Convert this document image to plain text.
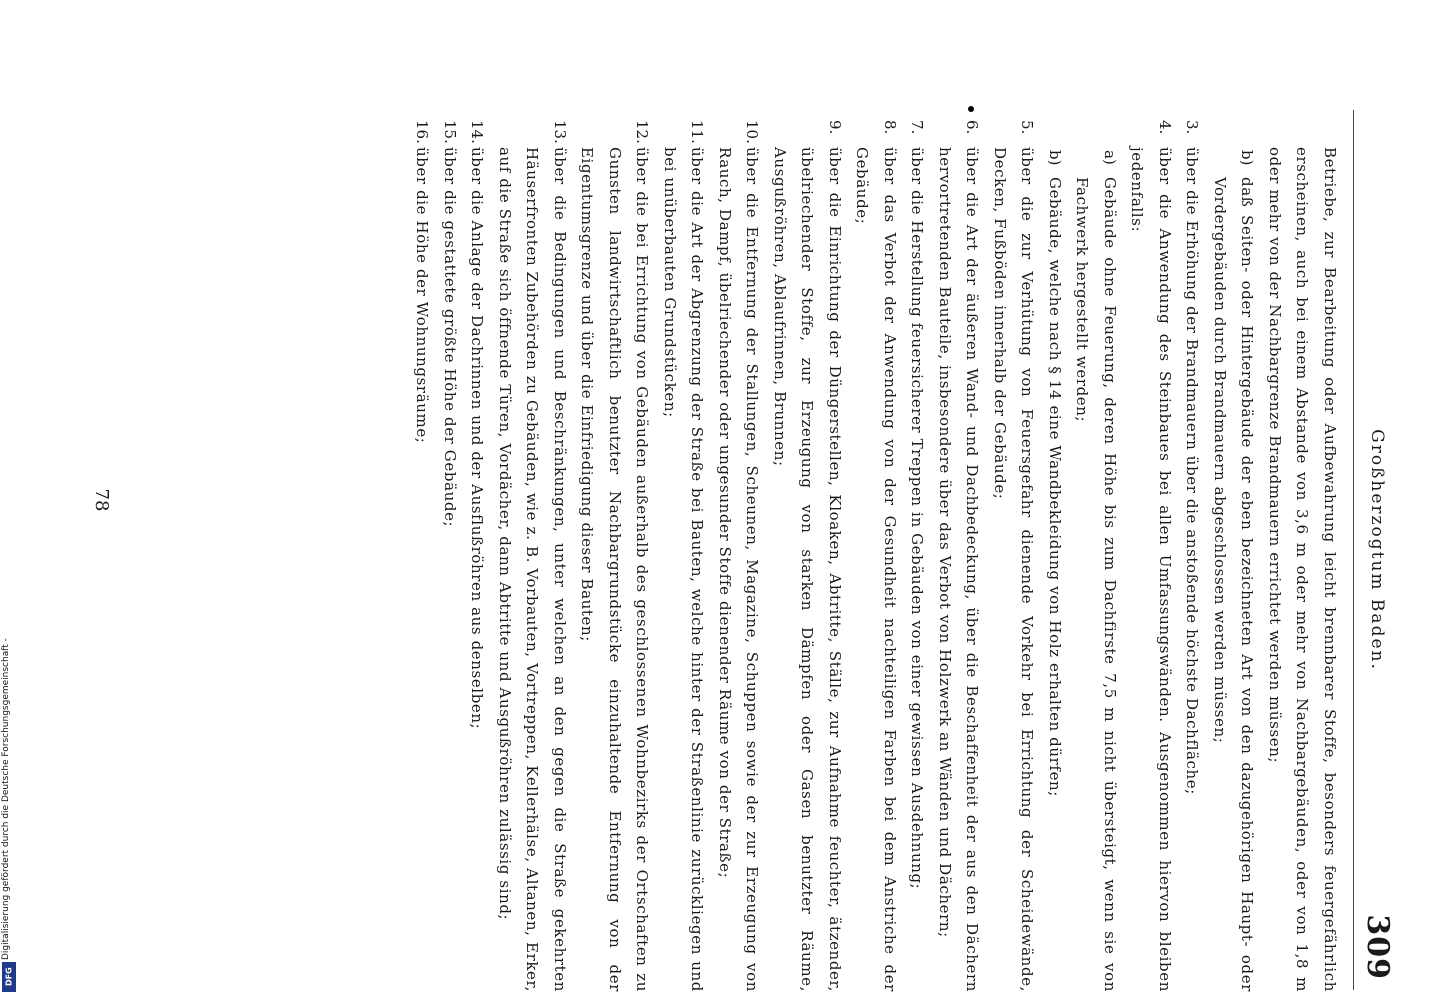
Digitalisierung gefördert durch die Deutsche Forschungsgemeinschaft -
DFG
Großherzogtum Baden.
309
Betriebe, zur Bearbeitung oder Aufbewahrung leicht brennbarer Stoffe, besonders feuergefährlich erscheinen, auch bei einem Abstande von 3,6 m oder mehr von Nachbargebäuden, oder von 1,8 m oder mehr von der Nachbargrenze Brandmauern errichtet werden müssen;
b)
daß Seiten- oder Hintergebäude der eben bezeichneten Art von den dazugehörigen Haupt- oder Vordergebäuden durch Brandmauern abgeschlossen werden müssen;
3.
über die Erhöhung der Brandmauern über die anstoßende höchste Dachfläche;
4.
über die Anwendung des Steinbaues bei allen Umfassungswänden. Ausgenommen hiervon bleiben jedenfalls:
a)
Gebäude ohne Feuerung, deren Höhe bis zum Dachfirste 7,5 m nicht übersteigt, wenn sie von Fachwerk hergestellt werden;
b)
Gebäude, welche nach § 14 eine Wandbekleidung von Holz erhalten dürfen;
5.
über die zur Verhütung von Feuersgefahr dienende Vorkehr bei Errichtung der Scheidewände, Decken, Fußböden innerhalb der Gebäude;
6.
über die Art der äußeren Wand- und Dachbedeckung, über die Beschaffenheit der aus den Dächern hervortretenden Bauteile, insbesondere über das Verbot von Holzwerk an Wänden und Dächern;
7.
über die Herstellung feuersicherer Treppen in Gebäuden von einer gewissen Ausdehnung;
8.
über das Verbot der Anwendung von der Gesundheit nachteiligen Farben bei dem Anstriche der Gebäude;
9.
über die Einrichtung der Düngerstellen, Kloaken, Abtritte, Ställe, zur Aufnahme feuchter, ätzender, übelriechender Stoffe, zur Erzeugung von starken Dämpfen oder Gasen benutzter Räume, Ausgußröhren, Ablaufrinnen, Brunnen;
10.
über die Entfernung der Stallungen, Scheunen, Magazine, Schuppen sowie der zur Erzeugung von Rauch, Dampf, übelriechender oder ungesunder Stoffe dienender Räume von der Straße;
11.
über die Art der Abgrenzung der Straße bei Bauten, welche hinter der Straßenlinie zurückliegen und bei unüberbauten Grundstücken;
12.
über die bei Errichtung von Gebäuden außerhalb des geschlossenen Wohnbezirks der Ortschaften zu Gunsten landwirtschaftlich benutzter Nachbargrundstücke einzuhaltende Entfernung von der Eigentumsgrenze und über die Einfriedigung dieser Bauten;
13.
über die Bedingungen und Beschränkungen, unter welchen an den gegen die Straße gekehrten Häuserfronten Zubehörden zu Gebäuden, wie z. B. Vorbauten, Vortreppen, Kellerhälse, Altanen, Erker, auf die Straße sich öffnende Türen, Vordächer, dann Abtritte und Ausgußröhren zulässig sind;
14.
über die Anlage der Dachrinnen und der Ausflußröhren aus denselben;
15.
über die gestattete größte Höhe der Gebäude;
16.
über die Höhe der Wohnungsräume;
78
